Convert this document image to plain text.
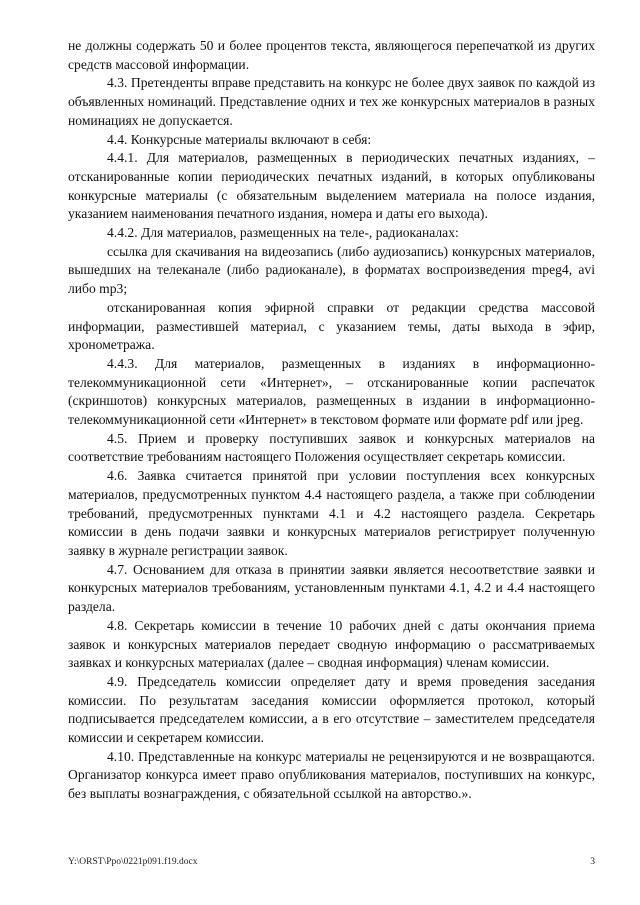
не должны содержать 50 и более процентов текста, являющегося перепечаткой из других средств массовой информации.

4.3. Претенденты вправе представить на конкурс не более двух заявок по каждой из объявленных номинаций. Представление одних и тех же конкурсных материалов в разных номинациях не допускается.

4.4. Конкурсные материалы включают в себя:

4.4.1. Для материалов, размещенных в периодических печатных изданиях, – отсканированные копии периодических печатных изданий, в которых опубликованы конкурсные материалы (с обязательным выделением материала на полосе издания, указанием наименования печатного издания, номера и даты его выхода).

4.4.2. Для материалов, размещенных на теле-, радиоканалах:

ссылка для скачивания на видеозапись (либо аудиозапись) конкурсных материалов, вышедших на телеканале (либо радиоканале), в форматах воспроизведения mpeg4, avi либо mp3;

отсканированная копия эфирной справки от редакции средства массовой информации, разместившей материал, с указанием темы, даты выхода в эфир, хронометража.

4.4.3. Для материалов, размещенных в изданиях в информационно-телекоммуникационной сети «Интернет», – отсканированные копии распечаток (скриншотов) конкурсных материалов, размещенных в издании в информационно-телекоммуникационной сети «Интернет» в текстовом формате или формате pdf или jpeg.

4.5. Прием и проверку поступивших заявок и конкурсных материалов на соответствие требованиям настоящего Положения осуществляет секретарь комиссии.

4.6. Заявка считается принятой при условии поступления всех конкурсных материалов, предусмотренных пунктом 4.4 настоящего раздела, а также при соблюдении требований, предусмотренных пунктами 4.1 и 4.2 настоящего раздела. Секретарь комиссии в день подачи заявки и конкурсных материалов регистрирует полученную заявку в журнале регистрации заявок.

4.7. Основанием для отказа в принятии заявки является несоответствие заявки и конкурсных материалов требованиям, установленным пунктами 4.1, 4.2 и 4.4 настоящего раздела.

4.8. Секретарь комиссии в течение 10 рабочих дней с даты окончания приема заявок и конкурсных материалов передает сводную информацию о рассматриваемых заявках и конкурсных материалах (далее – сводная информация) членам комиссии.

4.9. Председатель комиссии определяет дату и время проведения заседания комиссии. По результатам заседания комиссии оформляется протокол, который подписывается председателем комиссии, а в его отсутствие – заместителем председателя комиссии и секретарем комиссии.

4.10. Представленные на конкурс материалы не рецензируются и не возвращаются. Организатор конкурса имеет право опубликования материалов, поступивших на конкурс, без выплаты вознаграждения, с обязательной ссылкой на авторство.».

Y:\ORST\Ppo\0221p091.f19.docx	3
